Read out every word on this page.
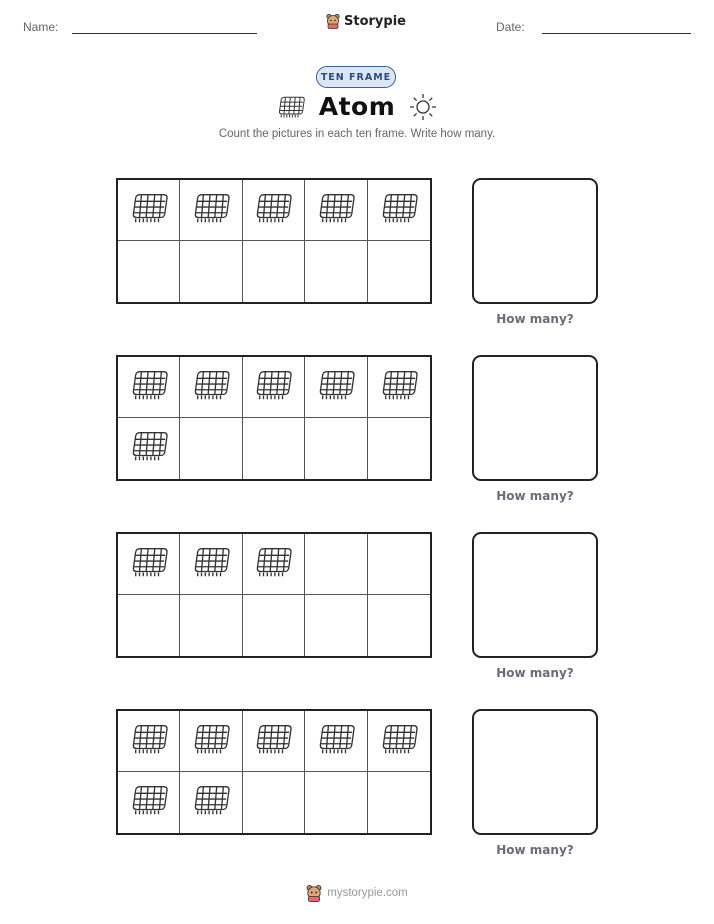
Name:	Storypie	Date:
TEN FRAME
Atom
Count the pictures in each ten frame. Write how many.
How many?
How many?
How many?
How many?
mystorypie.com
